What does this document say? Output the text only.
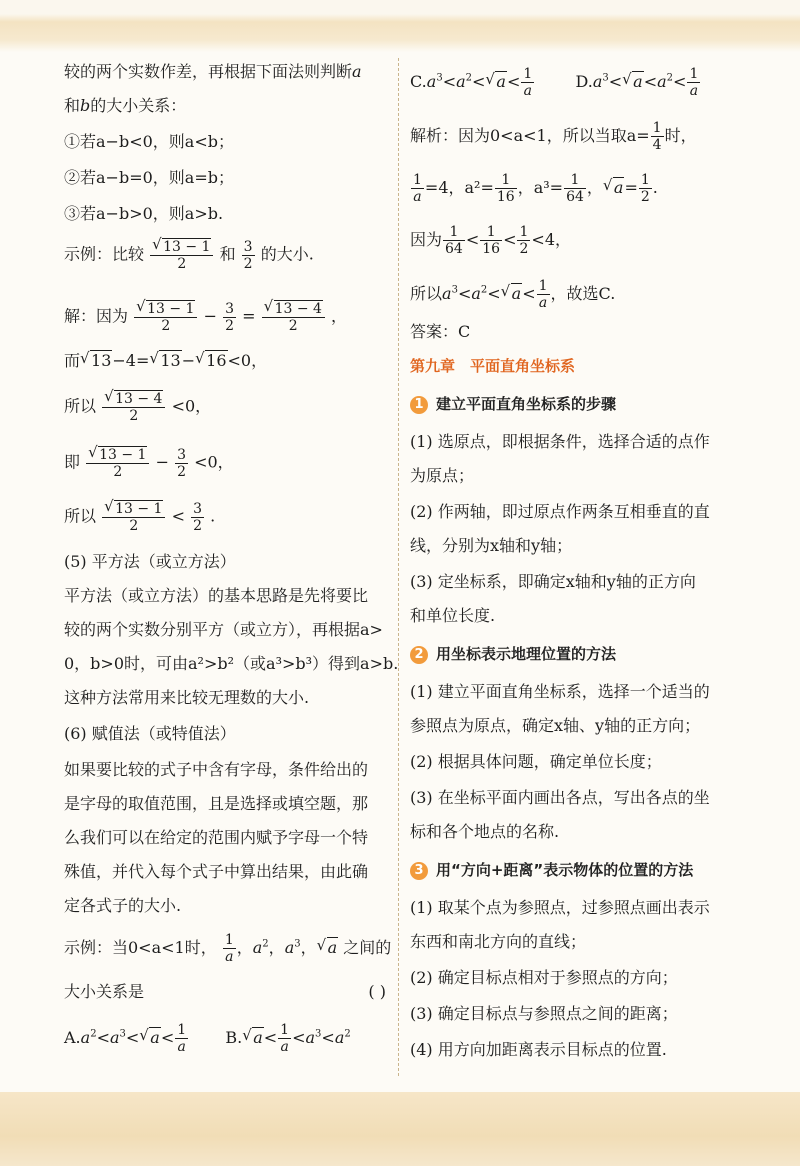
较的两个实数作差，再根据下面法则判断a
和b的大小关系：
①若a−b<0，则a<b；
②若a−b=0，则a=b；
③若a−b>0，则a>b.
示例：比较
√ $\frac{13 - 1}{2}$ 和 $\frac{3}{2}$ 的大小.
解：因为
√ $\frac{13 - 1}{2} - \frac{3}{2}$ =
√ $\frac{13 - 4}{2}$ ，
而√ 13−4=√ 13−√ 16<0，
所以
√ $\frac{13 - 4}{2} <0$，
即
√ $\frac{13 - 1}{2} - \frac{3}{2} <0$，
所以
√ $\frac{13 - 1}{2} < \frac{3}{2}$ .
(5) 平方法（或立方法）
平方法（或立方法）的基本思路是先将要比
较的两个实数分别平方（或立方），再根据a>
0，b>0时，可由a²>b²（或a³>b³）得到a>b.
这种方法常用来比较无理数的大小.
(6) 赋值法（或特值法）
如果要比较的式子中含有字母，条件给出的
是字母的取值范围，且是选择或填空题，那
么我们可以在给定的范围内赋予字母一个特
殊值，并代入每个式子中算出结果，由此确
定各式子的大小.
示例：当0<a<1时， $\frac{1}{a}$ ，$a^2$，$a^3$，√ a 之间的
大小关系是	( )
$A.a^2<a^3<√$ $a< \frac{1}{a} B.√$ $a< \frac{1}{a} <a^3<a^2$
$C.a^3<a^2<√$ $a< \frac{1}{a}$	$D.a^3<√$ $a<a^2< \frac{1}{a}$
解析：因为0<a<1，所以当取$a= \frac{1}{4}$ 时，
$\frac{1}{a} =4$，$a^2= \frac{1}{16}$ ，$a^3= \frac{1}{64}$ ，√ $a= \frac{1}{2}$ .
因为 $\frac{1}{64} < \frac{1}{16} < \frac{1}{2} <4$，
所以$a^3<a^2<√$ $a< \frac{1}{a}$ ，故选C.
答案：C
第九章　平面直角坐标系
1 建立平面直角坐标系的步骤
(1) 选原点，即根据条件，选择合适的点作
为原点；
(2) 作两轴，即过原点作两条互相垂直的直
线，分别为x轴和y轴；
(3) 定坐标系，即确定x轴和y轴的正方向
和单位长度.
2 用坐标表示地理位置的方法
(1) 建立平面直角坐标系，选择一个适当的
参照点为原点，确定x轴、y轴的正方向；
(2) 根据具体问题，确定单位长度；
(3) 在坐标平面内画出各点，写出各点的坐
标和各个地点的名称.
3 用“方向+距离”表示物体的位置的方法
(1) 取某个点为参照点，过参照点画出表示
东西和南北方向的直线；
(2) 确定目标点相对于参照点的方向；
(3) 确定目标点与参照点之间的距离；
(4) 用方向加距离表示目标点的位置.
